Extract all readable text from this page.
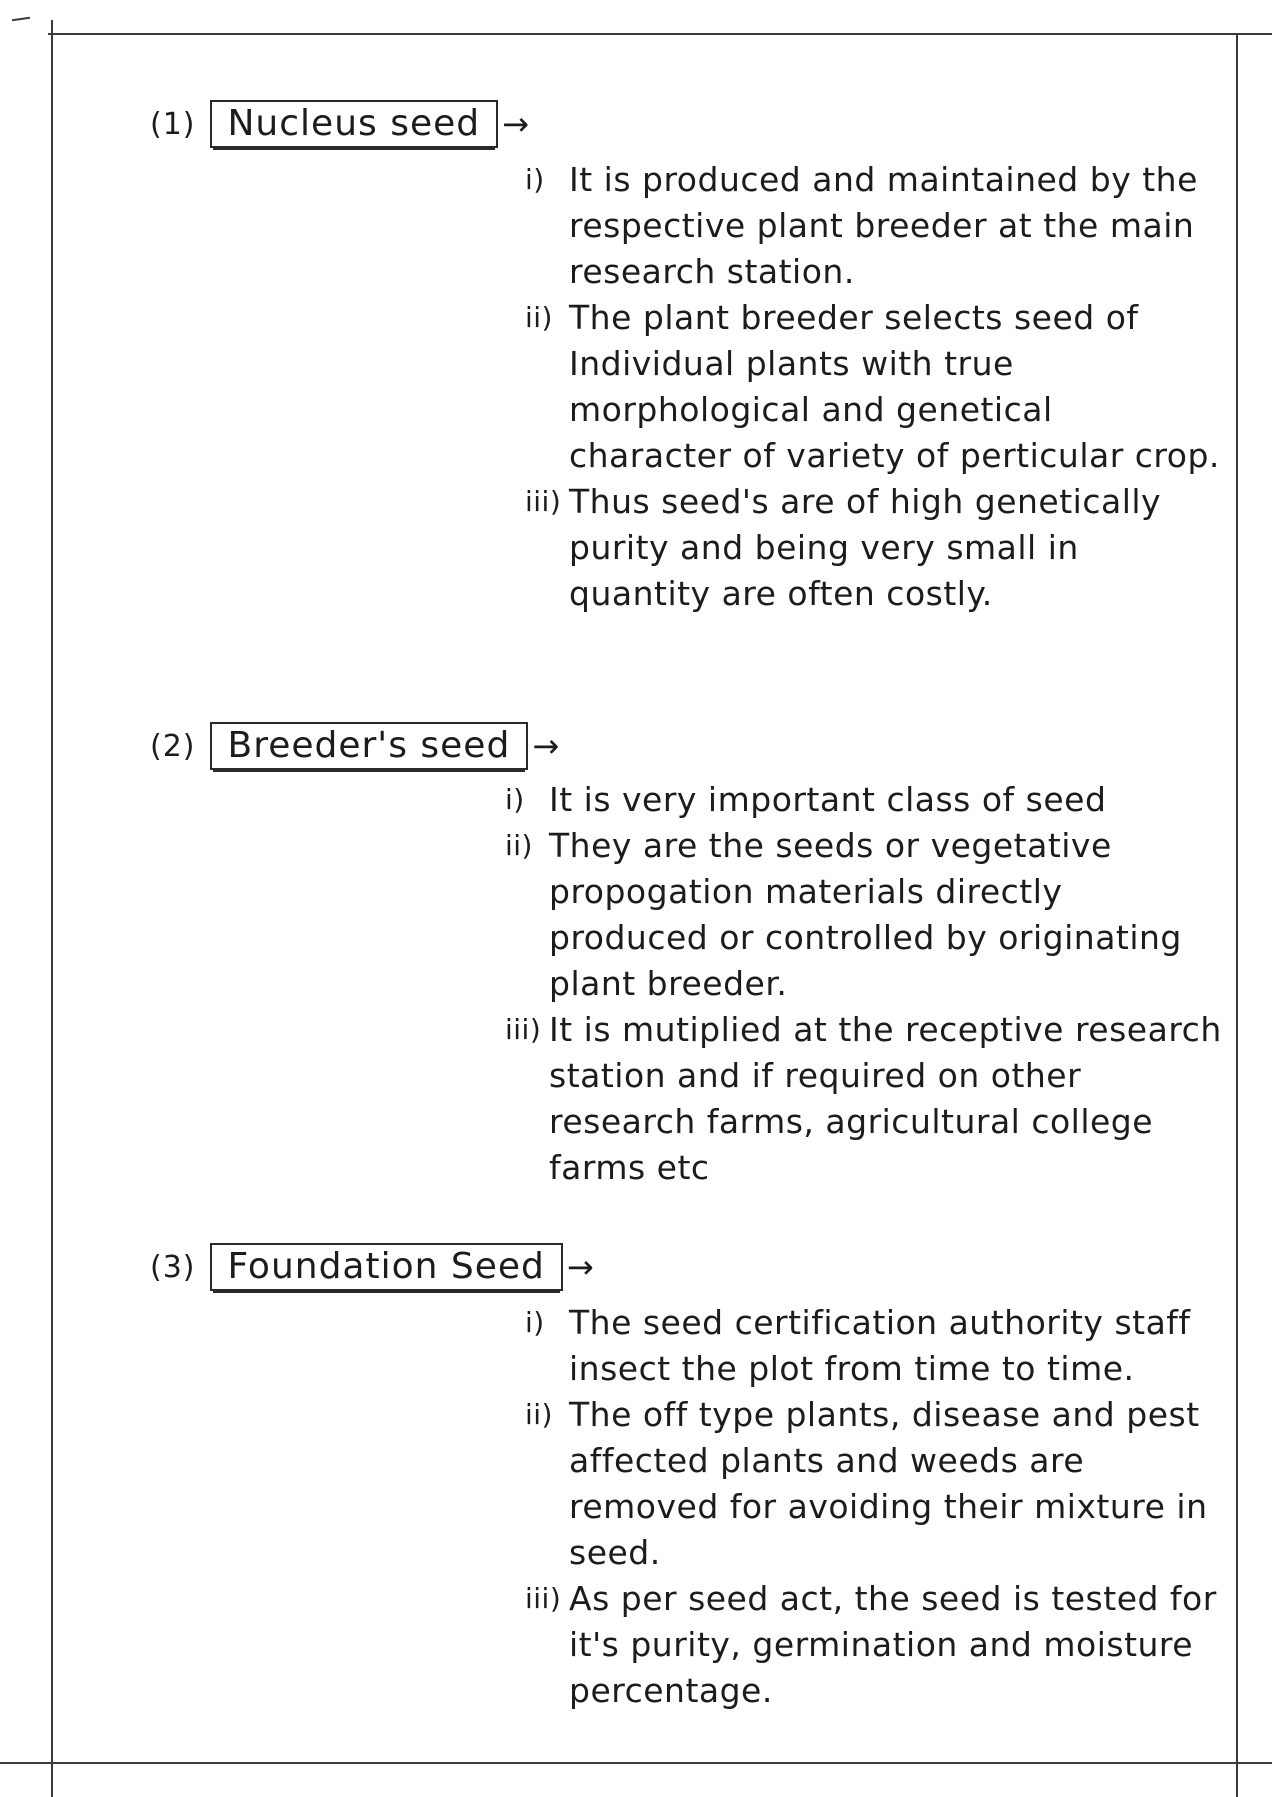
(1) Nucleus seed →
i) It is produced and maintained by the respective plant breeder at the main research station.
ii) The plant breeder selects seed of Individual plants with true morphological and genetical character of variety of perticular crop.
iii) Thus seed's are of high genetically purity and being very small in quantity are often costly.
(2) Breeder's seed →
i) It is very important class of seed
ii) They are the seeds or vegetative propogation materials directly produced or controlled by originating plant breeder.
iii) It is mutiplied at the receptive research station and if required on other research farms, agricultural college farms etc
(3) Foundation Seed →
i) The seed certification authority staff insect the plot from time to time.
ii) The off type plants, disease and pest affected plants and weeds are removed for avoiding their mixture in seed.
iii) As per seed act, the seed is tested for it's purity, germination and moisture percentage.
